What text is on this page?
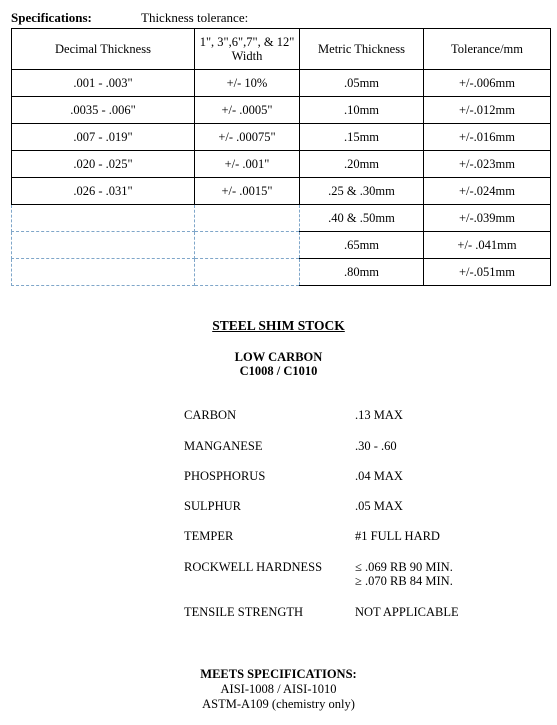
Specifications:	Thickness tolerance:
Decimal Thickness	1", 3",6",7", & 12" Width	Metric Thickness	Tolerance/mm
.001 - .003"	+/- 10%	.05mm	+/-.006mm
.0035 - .006"	+/- .0005"	.10mm	+/-.012mm
.007 - .019"	+/- .00075"	.15mm	+/-.016mm
.020 - .025"	+/- .001"	.20mm	+/-.023mm
.026 - .031"	+/- .0015"	.25 & .30mm	+/-.024mm
		.40 & .50mm	+/-.039mm
		.65mm	+/- .041mm
		.80mm	+/-.051mm
STEEL SHIM STOCK
LOW CARBON
C1008 / C1010
CARBON	.13 MAX
MANGANESE	.30 - .60
PHOSPHORUS	.04 MAX
SULPHUR	.05 MAX
TEMPER	#1 FULL HARD
ROCKWELL HARDNESS	≤ .069 RB 90 MIN.
≥ .070 RB 84 MIN.
TENSILE STRENGTH	NOT APPLICABLE
MEETS SPECIFICATIONS:
AISI-1008 / AISI-1010
ASTM-A109 (chemistry only)
